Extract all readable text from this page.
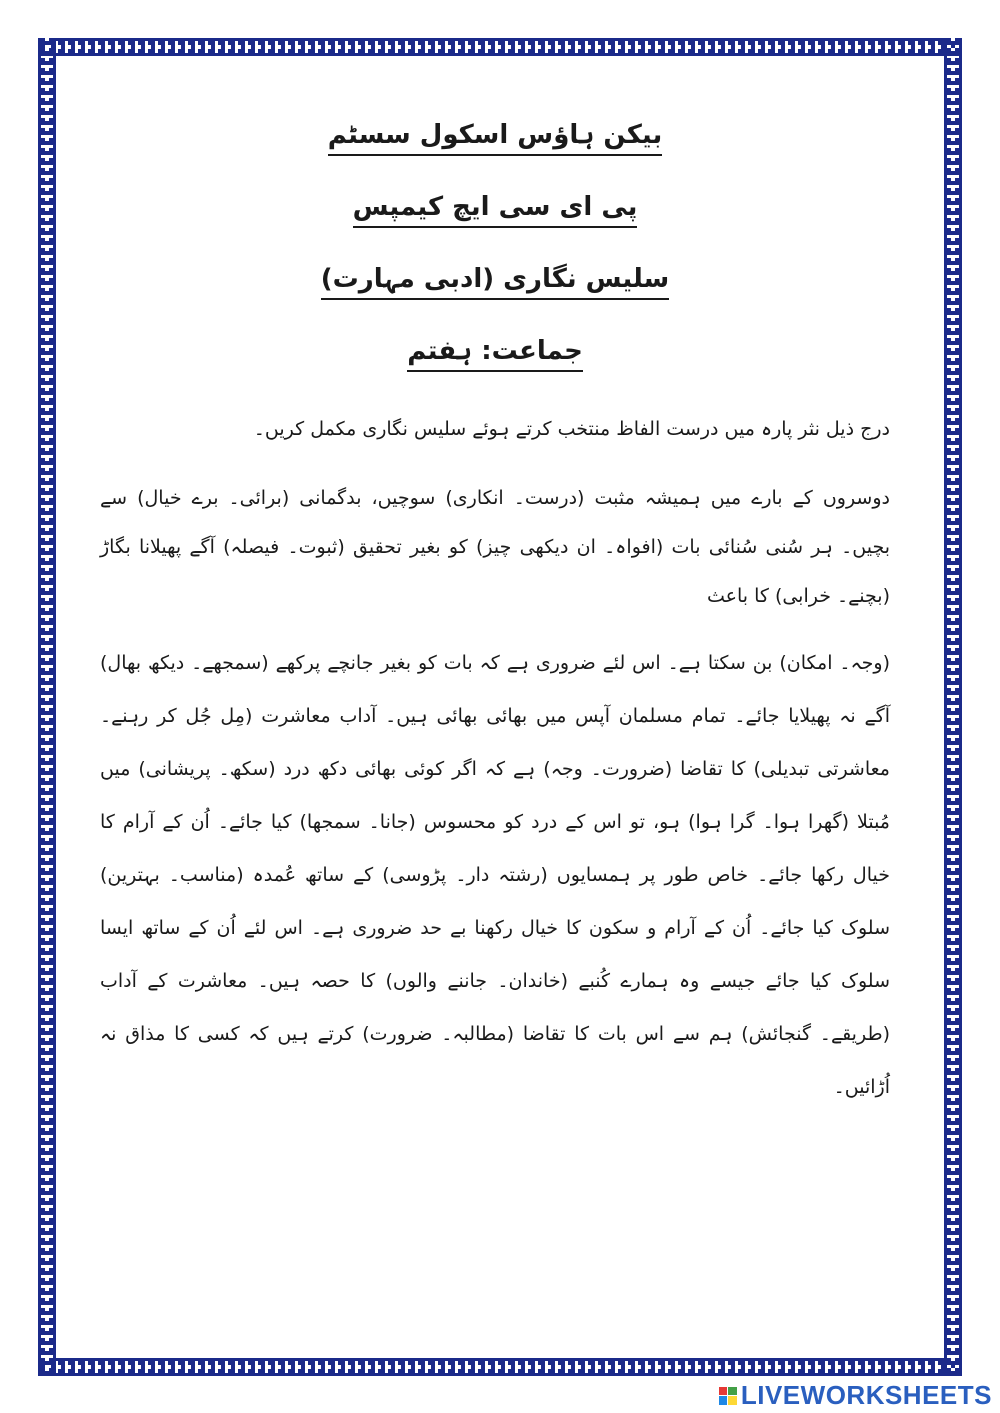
بیکن ہاؤس اسکول سسٹم
پی ای سی ایچ کیمپس
سلیس نگاری (ادبی مہارت)
جماعت: ہفتم

درج ذیل نثر پارہ میں درست الفاظ منتخب کرتے ہوئے سلیس نگاری مکمل کریں۔

دوسروں کے بارے میں ہمیشہ مثبت (درست۔ انکاری) سوچیں، بدگمانی (برائی۔ برے خیال) سے بچیں۔ ہر سُنی سُنائی بات (افواہ۔ ان دیکھی چیز) کو بغیر تحقیق (ثبوت۔ فیصلہ) آگے پھیلانا بگاڑ (بچنے۔ خرابی) کا باعث

(وجہ۔ امکان) بن سکتا ہے۔ اس لئے ضروری ہے کہ بات کو بغیر جانچے پرکھے (سمجھے۔ دیکھ بھال) آگے نہ پھیلایا جائے۔ تمام مسلمان آپس میں بھائی بھائی ہیں۔ آداب معاشرت (مِل جُل کر رہنے۔ معاشرتی تبدیلی) کا تقاضا (ضرورت۔ وجہ) ہے کہ اگر کوئی بھائی دکھ درد (سکھ۔ پریشانی) میں مُبتلا (گھرا ہوا۔ گرا ہوا) ہو، تو اس کے درد کو محسوس (جانا۔ سمجھا) کیا جائے۔ اُن کے آرام کا خیال رکھا جائے۔ خاص طور پر ہمسایوں (رشتہ دار۔ پڑوسی) کے ساتھ عُمدہ (مناسب۔ بہترین) سلوک کیا جائے۔ اُن کے آرام و سکون کا خیال رکھنا بے حد ضروری ہے۔ اس لئے اُن کے ساتھ ایسا سلوک کیا جائے جیسے وہ ہمارے کُنبے (خاندان۔ جاننے والوں) کا حصہ ہیں۔ معاشرت کے آداب (طریقے۔ گنجائش) ہم سے اس بات کا تقاضا (مطالبہ۔ ضرورت) کرتے ہیں کہ کسی کا مذاق نہ اُڑائیں۔

LIVEWORKSHEETS
